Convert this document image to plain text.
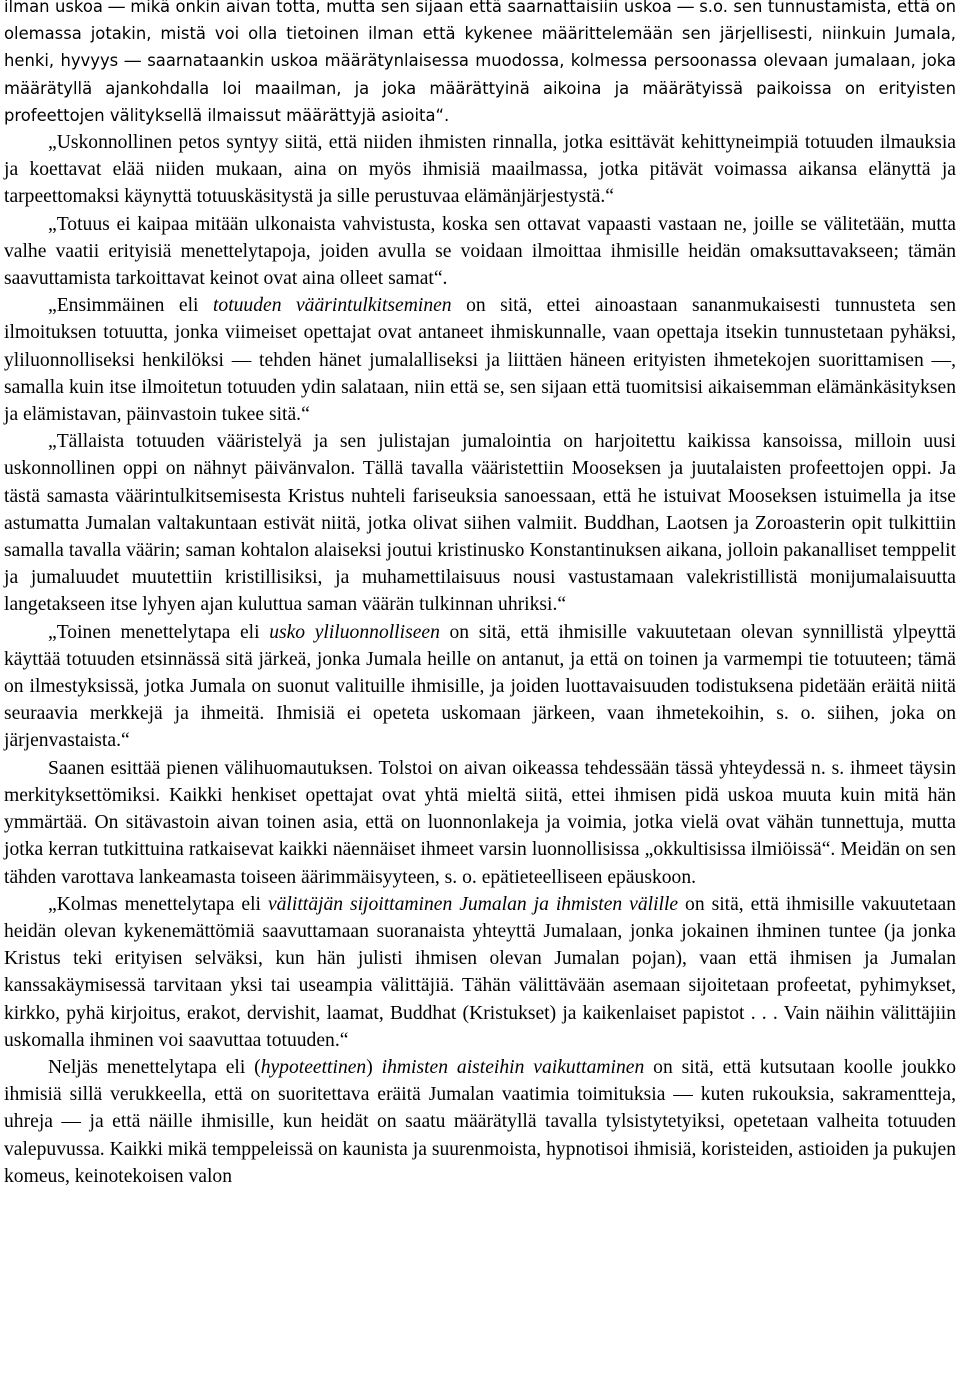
ilman uskoa ― mikä onkin aivan totta, mutta sen sijaan että saarnattaisiin uskoa ― s.o. sen tunnustamista, että on olemassa jotakin, mistä voi olla tietoinen ilman että kykenee määrittelemään sen järjellisesti, niinkuin Jumala, henki, hyvyys ― saarnataankin uskoa määrätynlaisessa muodossa, kolmessa persoonassa olevaan jumalaan, joka määrätyllä ajankohdalla loi maailman, ja joka määrättyinä aikoina ja määrätyissä paikoissa on erityisten profeettojen välityksellä ilmaissut määrättyjä asioita“.

„Uskonnollinen petos syntyy siitä, että niiden ihmisten rinnalla, jotka esittävät kehittyneimpiä totuuden ilmauksia ja koettavat elää niiden mukaan, aina on myös ihmisiä maailmassa, jotka pitävät voimassa aikansa elänyttä ja tarpeettomaksi käynyttä totuuskäsitystä ja sille perustuvaa elämänjärjestystä.“

„Totuus ei kaipaa mitään ulkonaista vahvistusta, koska sen ottavat vapaasti vastaan ne, joille se välitetään, mutta valhe vaatii erityisiä menettelytapoja, joiden avulla se voidaan ilmoittaa ihmisille heidän omaksuttavakseen; tämän saavuttamista tarkoittavat keinot ovat aina olleet samat“.

„Ensimmäinen eli totuuden väärintulkitseminen on sitä, ettei ainoastaan sananmukaisesti tunnusteta sen ilmoituksen totuutta, jonka viimeiset opettajat ovat antaneet ihmiskunnalle, vaan opettaja itsekin tunnustetaan pyhäksi, yliluonnolliseksi henkilöksi ― tehden hänet jumalalliseksi ja liittäen häneen erityisten ihmetekojen suorittamisen ―, samalla kuin itse ilmoitetun totuuden ydin salataan, niin että se, sen sijaan että tuomitsisi aikaisemman elämänkäsityksen ja elämistavan, päinvastoin tukee sitä.“

„Tällaista totuuden vääristelyä ja sen julistajan jumalointia on harjoitettu kaikissa kansoissa, milloin uusi uskonnollinen oppi on nähnyt päivänvalon. Tällä tavalla vääristettiin Mooseksen ja juutalaisten profeettojen oppi. Ja tästä samasta väärintulkitsemisesta Kristus nuhteli fariseuksia sanoessaan, että he istuivat Mooseksen istuimella ja itse astumatta Jumalan valtakuntaan estivät niitä, jotka olivat siihen valmiit. Buddhan, Laotsen ja Zoroasterin opit tulkittiin samalla tavalla väärin; saman kohtalon alaiseksi joutui kristinusko Konstantinuksen aikana, jolloin pakanalliset temppelit ja jumaluudet muutettiin kristillisiksi, ja muhamettilaisuus nousi vastustamaan valekristillistä monijumalaisuutta langetakseen itse lyhyen ajan kuluttua saman väärän tulkinnan uhriksi.“

„Toinen menettelytapa eli usko yliluonnolliseen on sitä, että ihmisille vakuutetaan olevan synnillistä ylpeyttä käyttää totuuden etsinnässä sitä järkeä, jonka Jumala heille on antanut, ja että on toinen ja varmempi tie totuuteen; tämä on ilmestyksissä, jotka Jumala on suonut valituille ihmisille, ja joiden luottavaisuuden todistuksena pidetään eräitä niitä seuraavia merkkejä ja ihmeitä. Ihmisiä ei opeteta uskomaan järkeen, vaan ihmetekoihin, s. o. siihen, joka on järjenvastaista.“

Saanen esittää pienen välihuomautuksen. Tolstoi on aivan oikeassa tehdessään tässä yhteydessä n. s. ihmeet täysin merkityksettömiksi. Kaikki henkiset opettajat ovat yhtä mieltä siitä, ettei ihmisen pidä uskoa muuta kuin mitä hän ymmärtää. On sitävastoin aivan toinen asia, että on luonnonlakeja ja voimia, jotka vielä ovat vähän tunnettuja, mutta jotka kerran tutkittuina ratkaisevat kaikki näennäiset ihmeet varsin luonnollisissa „okkultisissa ilmiöissä“. Meidän on sen tähden varottava lankeamasta toiseen äärimmäisyyteen, s. o. epätieteelliseen epäuskoon.

„Kolmas menettelytapa eli välittäjän sijoittaminen Jumalan ja ihmisten välille on sitä, että ihmisille vakuutetaan heidän olevan kykenemättömiä saavuttamaan suoranaista yhteyttä Jumalaan, jonka jokainen ihminen tuntee (ja jonka Kristus teki erityisen selväksi, kun hän julisti ihmisen olevan Jumalan pojan), vaan että ihmisen ja Jumalan kanssakäymisessä tarvitaan yksi tai useampia välittäjiä. Tähän välittävään asemaan sijoitetaan profeetat, pyhimykset, kirkko, pyhä kirjoitus, erakot, dervishit, laamat, Buddhat (Kristukset) ja kaikenlaiset papistot . . . Vain näihin välittäjiin uskomalla ihminen voi saavuttaa totuuden.“

Neljäs menettelytapa eli (hypoteettinen) ihmisten aisteihin vaikuttaminen on sitä, että kutsutaan koolle joukko ihmisiä sillä verukkeella, että on suoritettava eräitä Jumalan vaatimia toimituksia ― kuten rukouksia, sakramentteja, uhreja ― ja että näille ihmisille, kun heidät on saatu määrätyllä tavalla tylsistytetyiksi, opetetaan valheita totuuden valepuvussa. Kaikki mikä temppeleissä on kaunista ja suurenmoista, hypnotisoi ihmisiä, koristeiden, astioiden ja pukujen komeus, keinotekoisen valon
